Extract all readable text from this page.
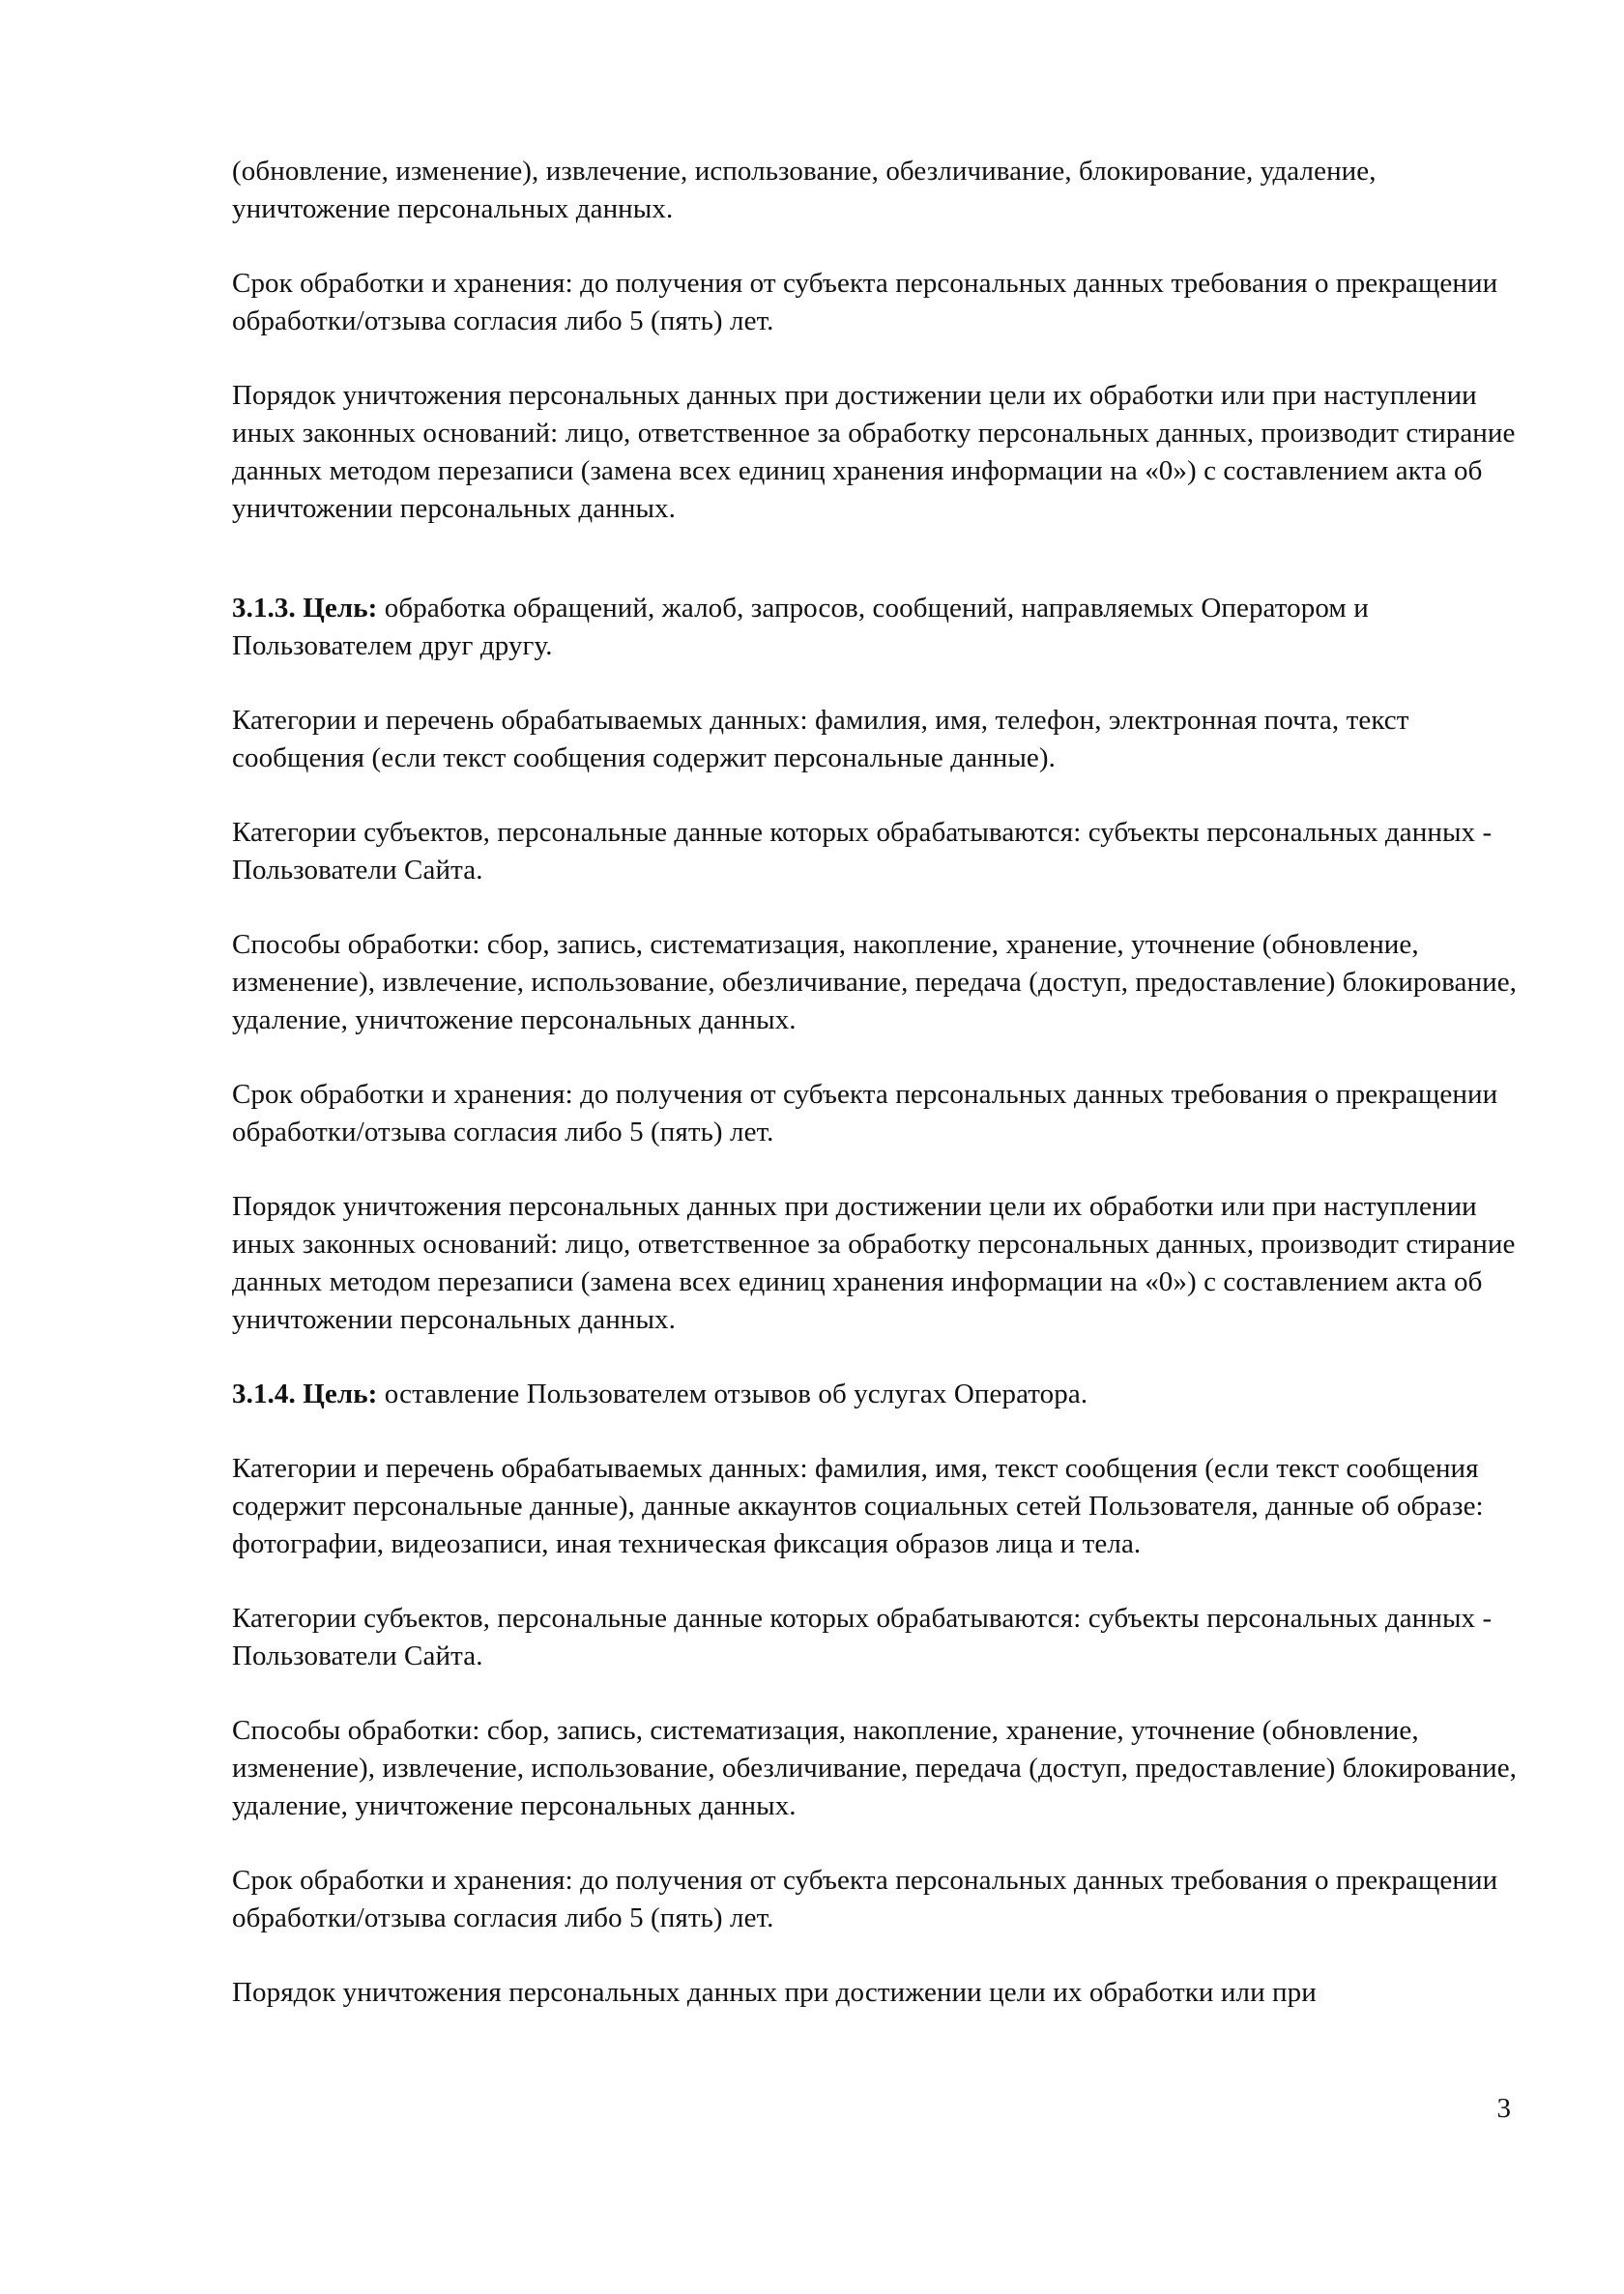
(обновление, изменение), извлечение, использование, обезличивание, блокирование, удаление, уничтожение персональных данных.

Срок обработки и хранения: до получения от субъекта персональных данных требования о прекращении обработки/отзыва согласия либо 5 (пять) лет.

Порядок уничтожения персональных данных при достижении цели их обработки или при наступлении иных законных оснований: лицо, ответственное за обработку персональных данных, производит стирание данных методом перезаписи (замена всех единиц хранения информации на «0») с составлением акта об уничтожении персональных данных.

3.1.3. Цель: обработка обращений, жалоб, запросов, сообщений, направляемых Оператором и Пользователем друг другу.

Категории и перечень обрабатываемых данных: фамилия, имя, телефон, электронная почта, текст сообщения (если текст сообщения содержит персональные данные).

Категории субъектов, персональные данные которых обрабатываются: субъекты персональных данных - Пользователи Сайта.

Способы обработки: сбор, запись, систематизация, накопление, хранение, уточнение (обновление, изменение), извлечение, использование, обезличивание, передача (доступ, предоставление) блокирование, удаление, уничтожение персональных данных.

Срок обработки и хранения: до получения от субъекта персональных данных требования о прекращении обработки/отзыва согласия либо 5 (пять) лет.

Порядок уничтожения персональных данных при достижении цели их обработки или при наступлении иных законных оснований: лицо, ответственное за обработку персональных данных, производит стирание данных методом перезаписи (замена всех единиц хранения информации на «0») с составлением акта об уничтожении персональных данных.

3.1.4. Цель: оставление Пользователем отзывов об услугах Оператора.

Категории и перечень обрабатываемых данных: фамилия, имя, текст сообщения (если текст сообщения содержит персональные данные), данные аккаунтов социальных сетей Пользователя, данные об образе: фотографии, видеозаписи, иная техническая фиксация образов лица и тела.

Категории субъектов, персональные данные которых обрабатываются: субъекты персональных данных - Пользователи Сайта.

Способы обработки: сбор, запись, систематизация, накопление, хранение, уточнение (обновление, изменение), извлечение, использование, обезличивание, передача (доступ, предоставление) блокирование, удаление, уничтожение персональных данных.

Срок обработки и хранения: до получения от субъекта персональных данных требования о прекращении обработки/отзыва согласия либо 5 (пять) лет.

Порядок уничтожения персональных данных при достижении цели их обработки или при

3
